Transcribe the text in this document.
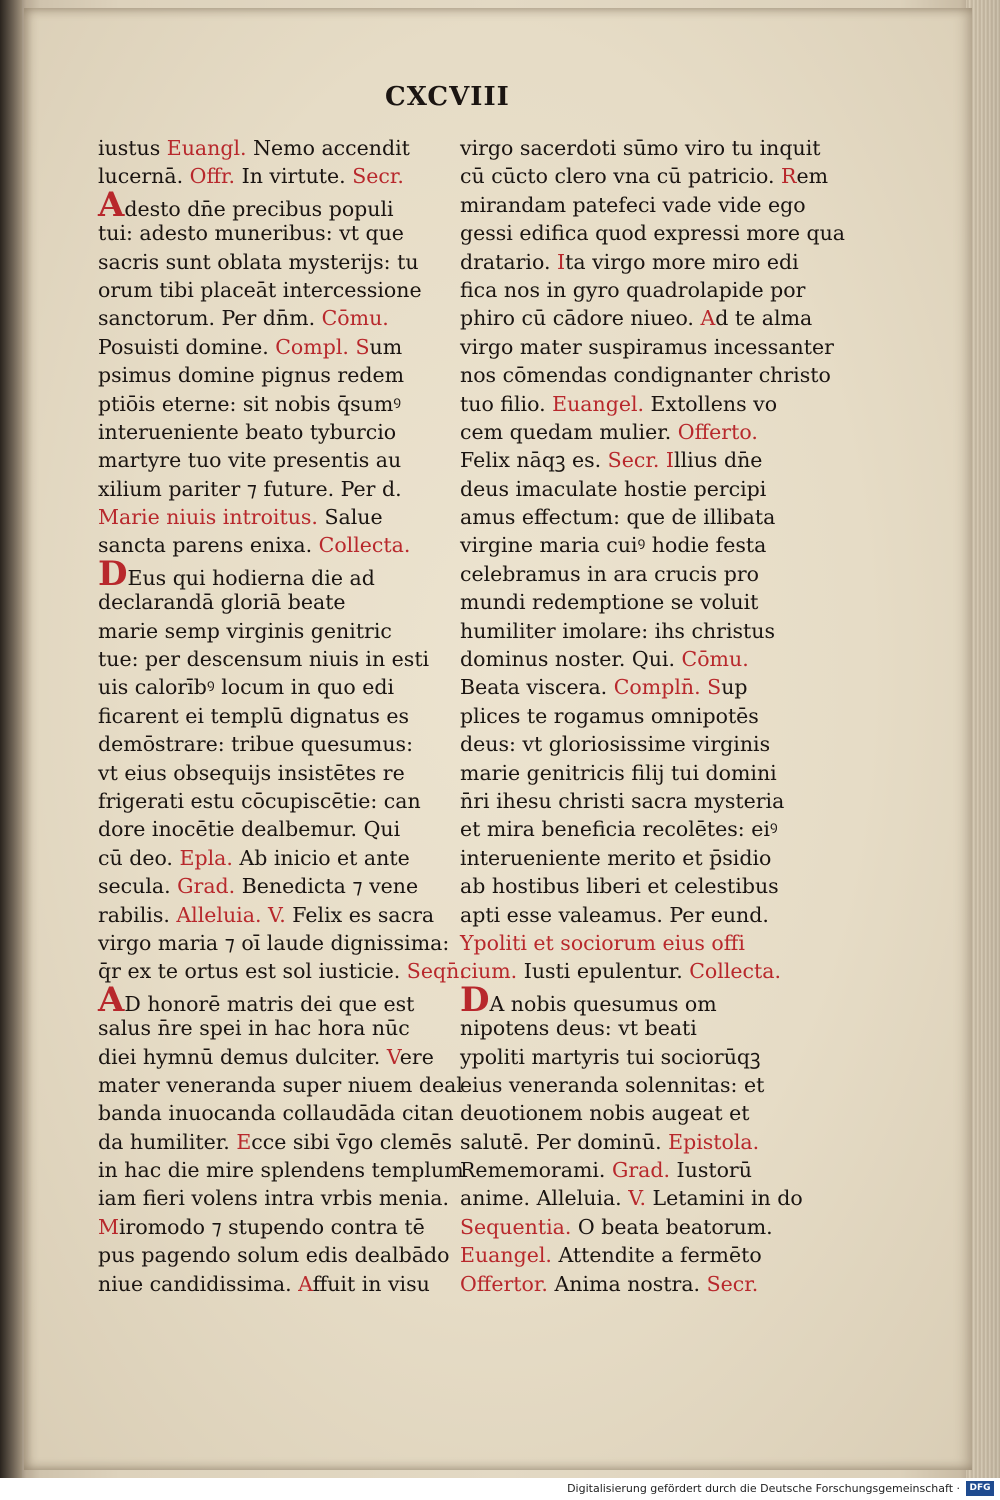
CXCVIII
iustus Euangl. Nemo accendit
lucernā. Offr. In virtute. Secr.
Adesto dn̄e precibus populi
tui: adesto muneribus: vt que
sacris sunt oblata mysterijs: tu
orum tibi placeāt intercessione
sanctorum. Per dn̄m. Cōmu.
Posuisti domine. Compl. Sum
psimus domine pignus redem
ptiōis eterne: sit nobis q̄sumꝰ
interueniente beato tyburcio
martyre tuo vite presentis au
xilium pariter ⁊ future. Per d.
Marie niuis introitus. Salue
sancta parens enixa. Collecta.
DEus qui hodierna die ad
declarandā gloriā beate
marie semp virginis genitric
tue: per descensum niuis in esti
uis calorībꝰ locum in quo edi
ficarent ei templū dignatus es
demōstrare: tribue quesumus:
vt eius obsequijs insistētes re
frigerati estu cōcupiscētie: can
dore inocētie dealbemur. Qui
cū deo. Epla. Ab inicio et ante
secula. Grad. Benedicta ⁊ vene
rabilis. Alleluia. V. Felix es sacra
virgo maria ⁊ oī laude dignissima:
q̄r ex te ortus est sol iusticie. Seqn̄.
AD honorē matris dei que est
salus n̄re spei in hac hora nūc
diei hymnū demus dulciter. Vere
mater veneranda super niuem deal
banda inuocanda collaudāda citan
da humiliter. Ecce sibi v̄go clemēs
in hac die mire splendens templum
iam fieri volens intra vrbis menia.
Miromodo ⁊ stupendo contra tē
pus pagendo solum edis dealbādo
niue candidissima. Affuit in visu
virgo sacerdoti sūmo viro tu inquit
cū cūcto clero vna cū patricio. Rem
mirandam patefeci vade vide ego
gessi edifica quod expressi more qua
dratario. Ita virgo more miro edi
fica nos in gyro quadrolapide por
phiro cū cādore niueo. Ad te alma
virgo mater suspiramus incessanter
nos cōmendas condignanter christo
tuo filio. Euangel. Extollens vo
cem quedam mulier. Offerto.
Felix nāqꝫ es. Secr. Illius dn̄e
deus imaculate hostie percipi
amus effectum: que de illibata
virgine maria cuiꝰ hodie festa
celebramus in ara crucis pro
mundi redemptione se voluit
humiliter imolare: ihs christus
dominus noster. Qui. Cōmu.
Beata viscera. Compln̄. Sup
plices te rogamus omnipotēs
deus: vt gloriosissime virginis
marie genitricis filij tui domini
n̄ri ihesu christi sacra mysteria
et mira beneficia recolētes: eiꝰ
interueniente merito et p̄sidio
ab hostibus liberi et celestibus
apti esse valeamus. Per eund.
Ypoliti et sociorum eius offi
cium. Iusti epulentur. Collecta.
DA nobis quesumus om
nipotens deus: vt beati
ypoliti martyris tui sociorūqꝫ
eius veneranda solennitas: et
deuotionem nobis augeat et
salutē. Per dominū. Epistola.
Rememorami. Grad. Iustorū
anime. Alleluia. V. Letamini in do
Sequentia. O beata beatorum.
Euangel. Attendite a fermēto
Offertor. Anima nostra. Secr.
Digitalisierung gefördert durch die Deutsche Forschungsgemeinschaft ·	DFG
